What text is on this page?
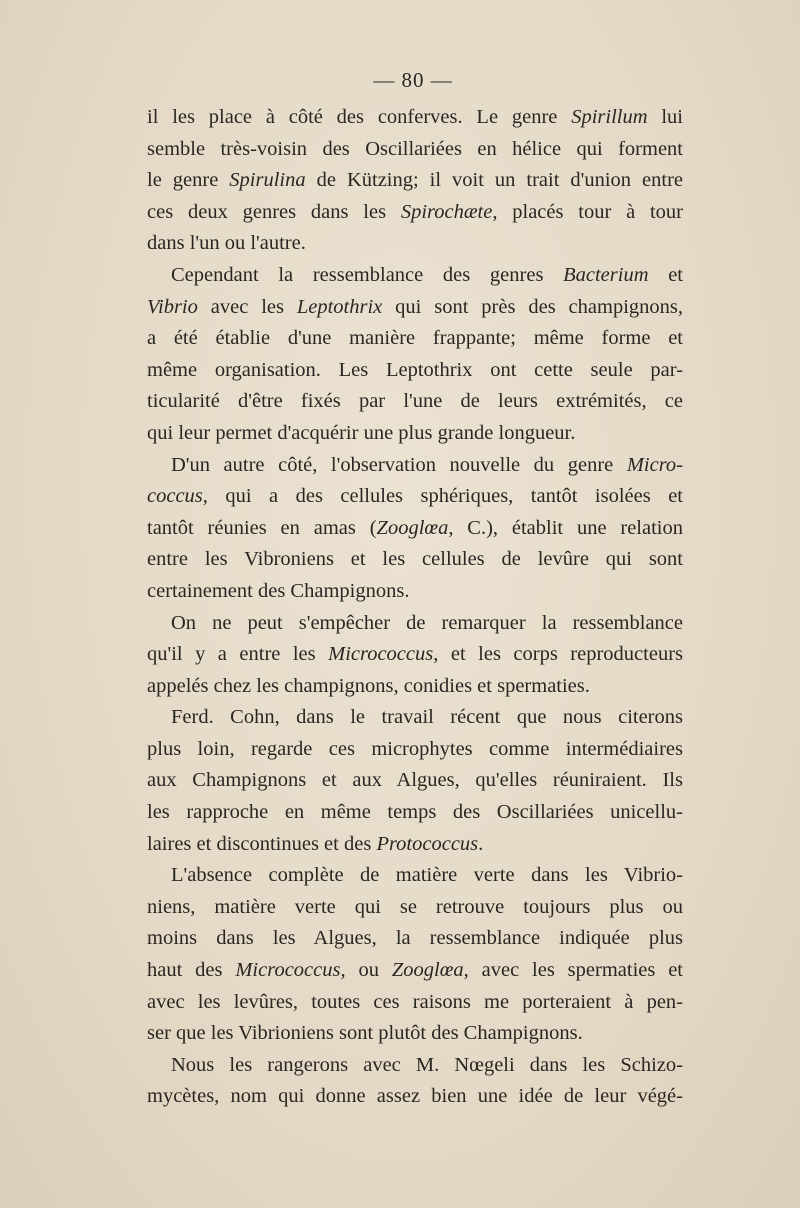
— 80 —
il les place à côté des conferves. Le genre Spirillum lui
semble très-voisin des Oscillariées en hélice qui forment
le genre Spirulina de Kützing; il voit un trait d'union entre
ces deux genres dans les Spirochæte, placés tour à tour
dans l'un ou l'autre.
Cependant la ressemblance des genres Bacterium et
Vibrio avec les Leptothrix qui sont près des champignons,
a été établie d'une manière frappante; même forme et
même organisation. Les Leptothrix ont cette seule par-
ticularité d'être fixés par l'une de leurs extrémités, ce
qui leur permet d'acquérir une plus grande longueur.
D'un autre côté, l'observation nouvelle du genre Micro-
coccus, qui a des cellules sphériques, tantôt isolées et
tantôt réunies en amas (Zooglœa, C.), établit une relation
entre les Vibroniens et les cellules de levûre qui sont
certainement des Champignons.
On ne peut s'empêcher de remarquer la ressemblance
qu'il y a entre les Micrococcus, et les corps reproducteurs
appelés chez les champignons, conidies et spermaties.
Ferd. Cohn, dans le travail récent que nous citerons
plus loin, regarde ces microphytes comme intermédiaires
aux Champignons et aux Algues, qu'elles réuniraient. Ils
les rapproche en même temps des Oscillariées unicellu-
laires et discontinues et des Protococcus.
L'absence complète de matière verte dans les Vibrio-
niens, matière verte qui se retrouve toujours plus ou
moins dans les Algues, la ressemblance indiquée plus
haut des Micrococcus, ou Zooglœa, avec les spermaties et
avec les levûres, toutes ces raisons me porteraient à pen-
ser que les Vibrioniens sont plutôt des Champignons.
Nous les rangerons avec M. Nœgeli dans les Schizo-
mycètes, nom qui donne assez bien une idée de leur végé-
